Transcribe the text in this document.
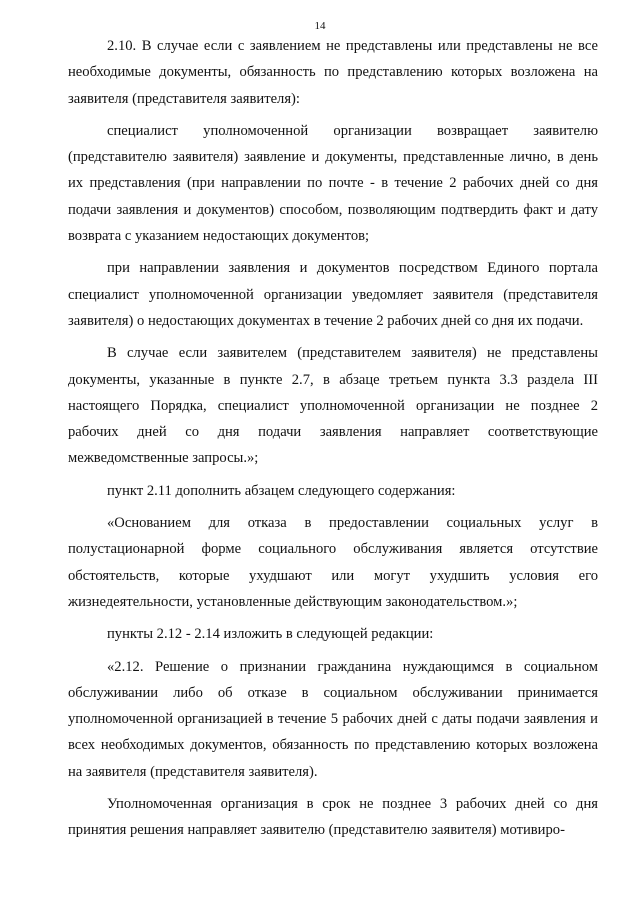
14

2.10. В случае если с заявлением не представлены или представлены не все необходимые документы, обязанность по представлению которых возложена на заявителя (представителя заявителя):

специалист уполномоченной организации возвращает заявителю (представителю заявителя) заявление и документы, представленные лично, в день их представления (при направлении по почте - в течение 2 рабочих дней со дня подачи заявления и документов) способом, позволяющим подтвердить факт и дату возврата с указанием недостающих документов;

при направлении заявления и документов посредством Единого портала специалист уполномоченной организации уведомляет заявителя (представителя заявителя) о недостающих документах в течение 2 рабочих дней со дня их подачи.

В случае если заявителем (представителем заявителя) не представлены документы, указанные в пункте 2.7, в абзаце третьем пункта 3.3 раздела III настоящего Порядка, специалист уполномоченной организации не позднее 2 рабочих дней со дня подачи заявления направляет соответствующие межведомственные запросы.»;

пункт 2.11 дополнить абзацем следующего содержания:

«Основанием для отказа в предоставлении социальных услуг в полустационарной форме социального обслуживания является отсутствие обстоятельств, которые ухудшают или могут ухудшить условия его жизнедеятельности, установленные действующим законодательством.»;

пункты 2.12 - 2.14 изложить в следующей редакции:

«2.12. Решение о признании гражданина нуждающимся в социальном обслуживании либо об отказе в социальном обслуживании принимается уполномоченной организацией в течение 5 рабочих дней с даты подачи заявления и всех необходимых документов, обязанность по представлению которых возложена на заявителя (представителя заявителя).

Уполномоченная организация в срок не позднее 3 рабочих дней со дня принятия решения направляет заявителю (представителю заявителя) мотивиро-
